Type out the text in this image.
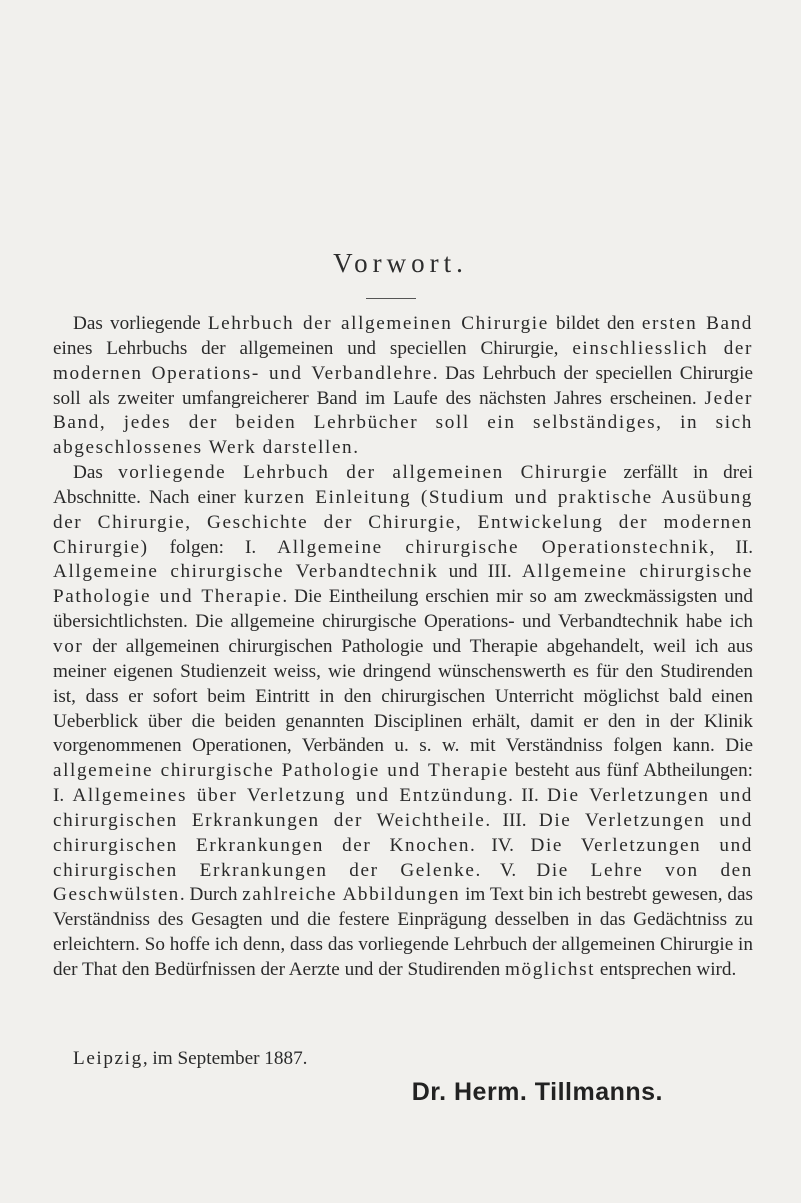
Vorwort.

Das vorliegende Lehrbuch der allgemeinen Chirurgie bildet den ersten Band eines Lehrbuchs der allgemeinen und speciellen Chirurgie, einschliesslich der modernen Operations- und Verbandlehre. Das Lehrbuch der speciellen Chirurgie soll als zweiter umfangreicherer Band im Laufe des nächsten Jahres erscheinen. Jeder Band, jedes der beiden Lehrbücher soll ein selbständiges, in sich abgeschlossenes Werk darstellen.

Das vorliegende Lehrbuch der allgemeinen Chirurgie zerfällt in drei Abschnitte. Nach einer kurzen Einleitung (Studium und praktische Ausübung der Chirurgie, Geschichte der Chirurgie, Entwickelung der modernen Chirurgie) folgen: I. Allgemeine chirurgische Operationstechnik, II. Allgemeine chirurgische Verbandtechnik und III. Allgemeine chirurgische Pathologie und Therapie. Die Eintheilung erschien mir so am zweckmässigsten und übersichtlichsten. Die allgemeine chirurgische Operations- und Verbandtechnik habe ich vor der allgemeinen chirurgischen Pathologie und Therapie abgehandelt, weil ich aus meiner eigenen Studienzeit weiss, wie dringend wünschenswerth es für den Studirenden ist, dass er sofort beim Eintritt in den chirurgischen Unterricht möglichst bald einen Ueberblick über die beiden genannten Disciplinen erhält, damit er den in der Klinik vorgenommenen Operationen, Verbänden u. s. w. mit Verständniss folgen kann. Die allgemeine chirurgische Pathologie und Therapie besteht aus fünf Abtheilungen: I. Allgemeines über Verletzung und Entzündung. II. Die Verletzungen und chirurgischen Erkrankungen der Weichtheile. III. Die Verletzungen und chirurgischen Erkrankungen der Knochen. IV. Die Verletzungen und chirurgischen Erkrankungen der Gelenke. V. Die Lehre von den Geschwülsten. Durch zahlreiche Abbildungen im Text bin ich bestrebt gewesen, das Verständniss des Gesagten und die festere Einprägung desselben in das Gedächtniss zu erleichtern. So hoffe ich denn, dass das vorliegende Lehrbuch der allgemeinen Chirurgie in der That den Bedürfnissen der Aerzte und der Studirenden möglichst entsprechen wird.

Leipzig, im September 1887.
Dr. Herm. Tillmanns.
